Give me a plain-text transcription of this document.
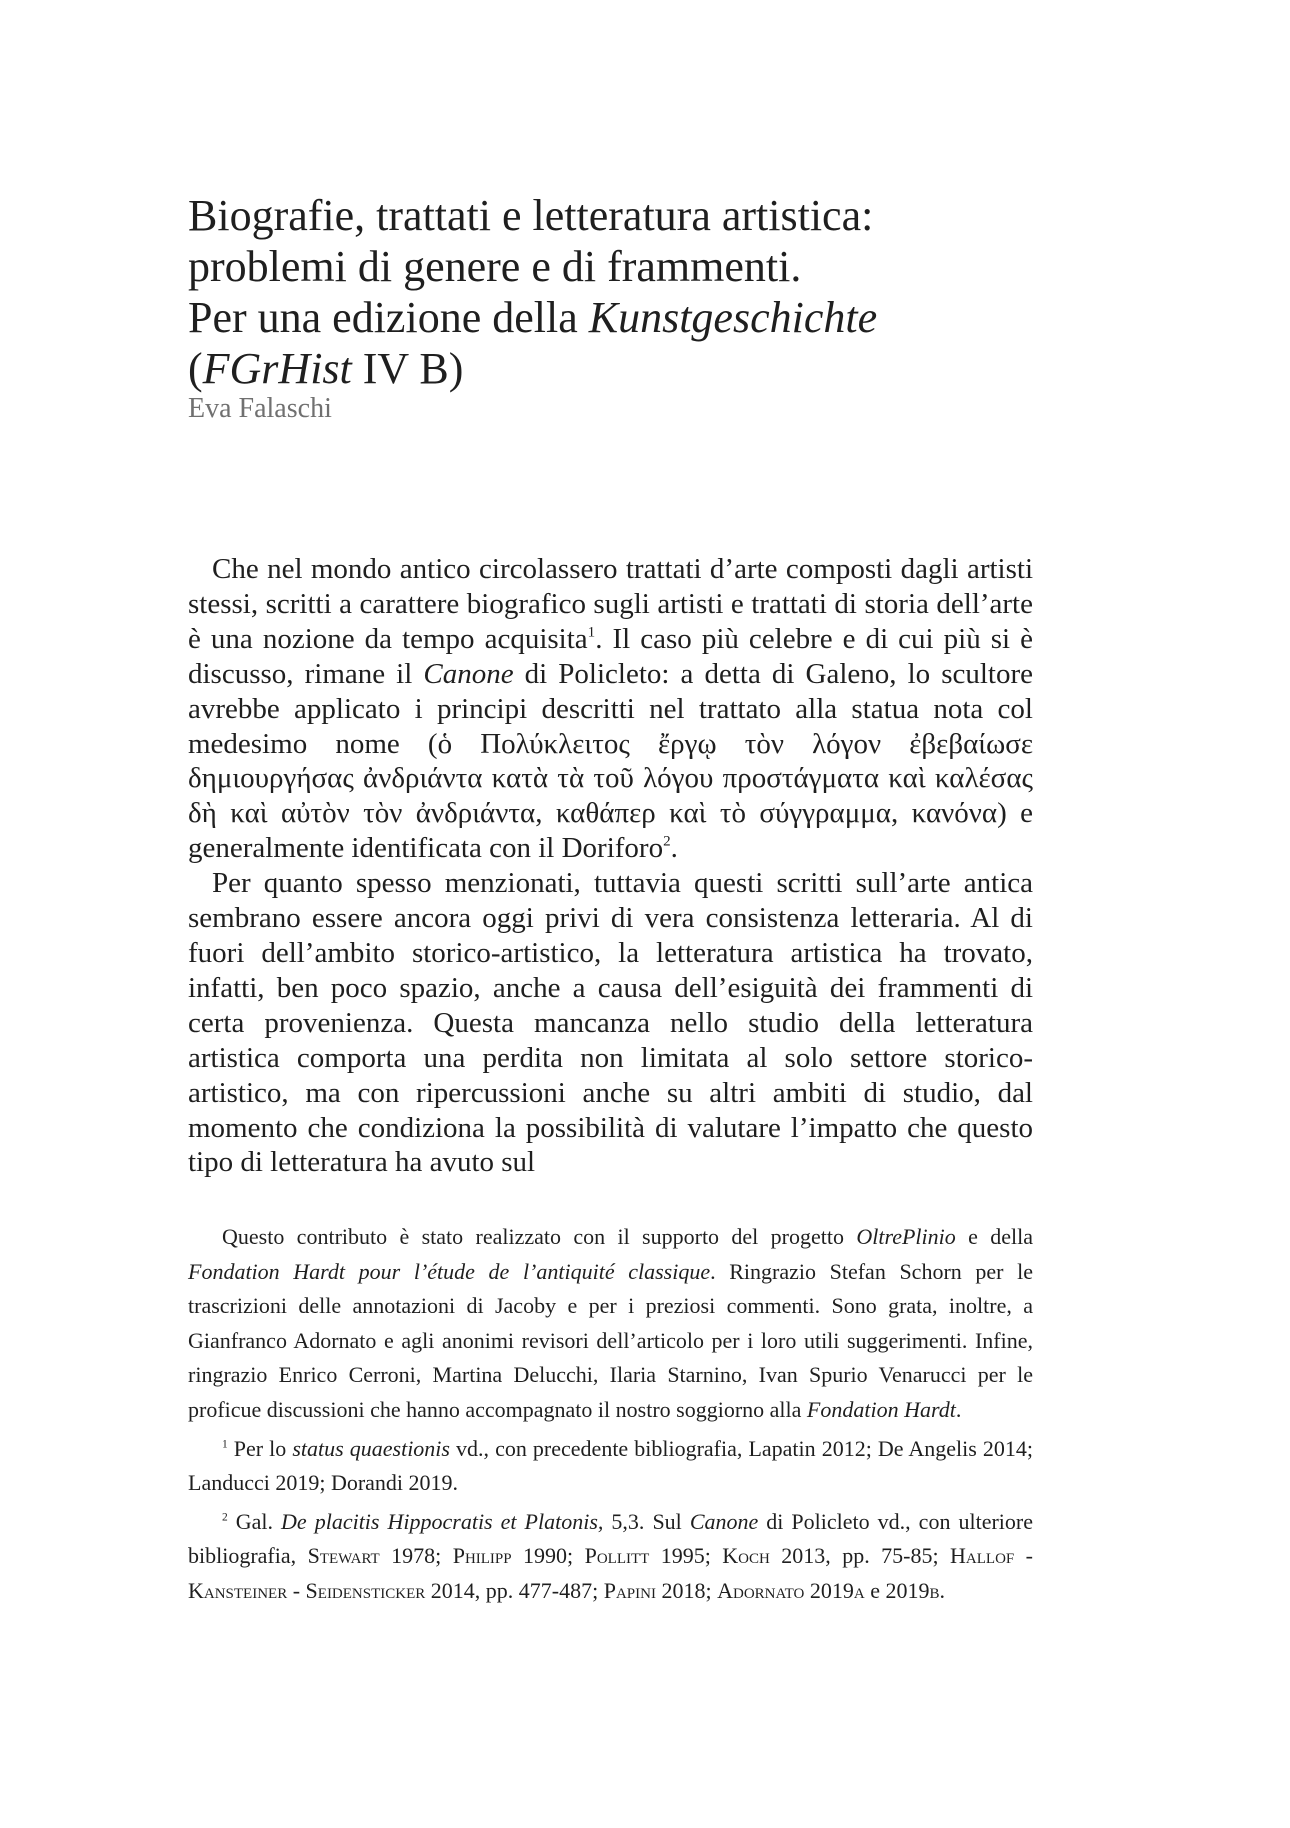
Biografie, trattati e letteratura artistica:
problemi di genere e di frammenti.
Per una edizione della Kunstgeschichte
(FGrHist IV B)
Eva Falaschi

Che nel mondo antico circolassero trattati d’arte composti dagli artisti stessi, scritti a carattere biografico sugli artisti e trattati di storia dell’arte è una nozione da tempo acquisita$^1$. Il caso più celebre e di cui più si è discusso, rimane il Canone di Policleto: a detta di Galeno, lo scultore avrebbe applicato i principi descritti nel trattato alla statua nota col medesimo nome (ὁ Πολύκλειτος ἔργῳ τὸν λόγον ἐβεβαίωσε δημιουργήσας ἀνδριάντα κατὰ τὰ τοῦ λόγου προστάγματα καὶ καλέσας δὴ καὶ αὐτὸν τὸν ἀνδριάντα, καθάπερ καὶ τὸ σύγγραμμα, κανόνα) e generalmente identificata con il Doriforo$^2$.

Per quanto spesso menzionati, tuttavia questi scritti sull’arte antica sembrano essere ancora oggi privi di vera consistenza letteraria. Al di fuori dell’ambito storico-artistico, la letteratura artistica ha trovato, infatti, ben poco spazio, anche a causa dell’esiguità dei frammenti di certa provenienza. Questa mancanza nello studio della letteratura artistica comporta una perdita non limitata al solo settore storico-artistico, ma con ripercussioni anche su altri ambiti di studio, dal momento che condiziona la possibilità di valutare l’impatto che questo tipo di letteratura ha avuto sul

Questo contributo è stato realizzato con il supporto del progetto OltrePlinio e della Fondation Hardt pour l’étude de l’antiquité classique. Ringrazio Stefan Schorn per le trascrizioni delle annotazioni di Jacoby e per i preziosi commenti. Sono grata, inoltre, a Gianfranco Adornato e agli anonimi revisori dell’articolo per i loro utili suggerimenti. Infine, ringrazio Enrico Cerroni, Martina Delucchi, Ilaria Starnino, Ivan Spurio Venarucci per le proficue discussioni che hanno accompagnato il nostro soggiorno alla Fondation Hardt.

$^1$ Per lo status quaestionis vd., con precedente bibliografia, Lapatin 2012; De Angelis 2014; Landucci 2019; Dorandi 2019.

$^2$ Gal. De placitis Hippocratis et Platonis, 5,3. Sul Canone di Policleto vd., con ulteriore bibliografia, Stewart 1978; Philipp 1990; Pollitt 1995; Koch 2013, pp. 75-85; Hallof - Kansteiner - Seidensticker 2014, pp. 477-487; Papini 2018; Adornato 2019a e 2019b.
